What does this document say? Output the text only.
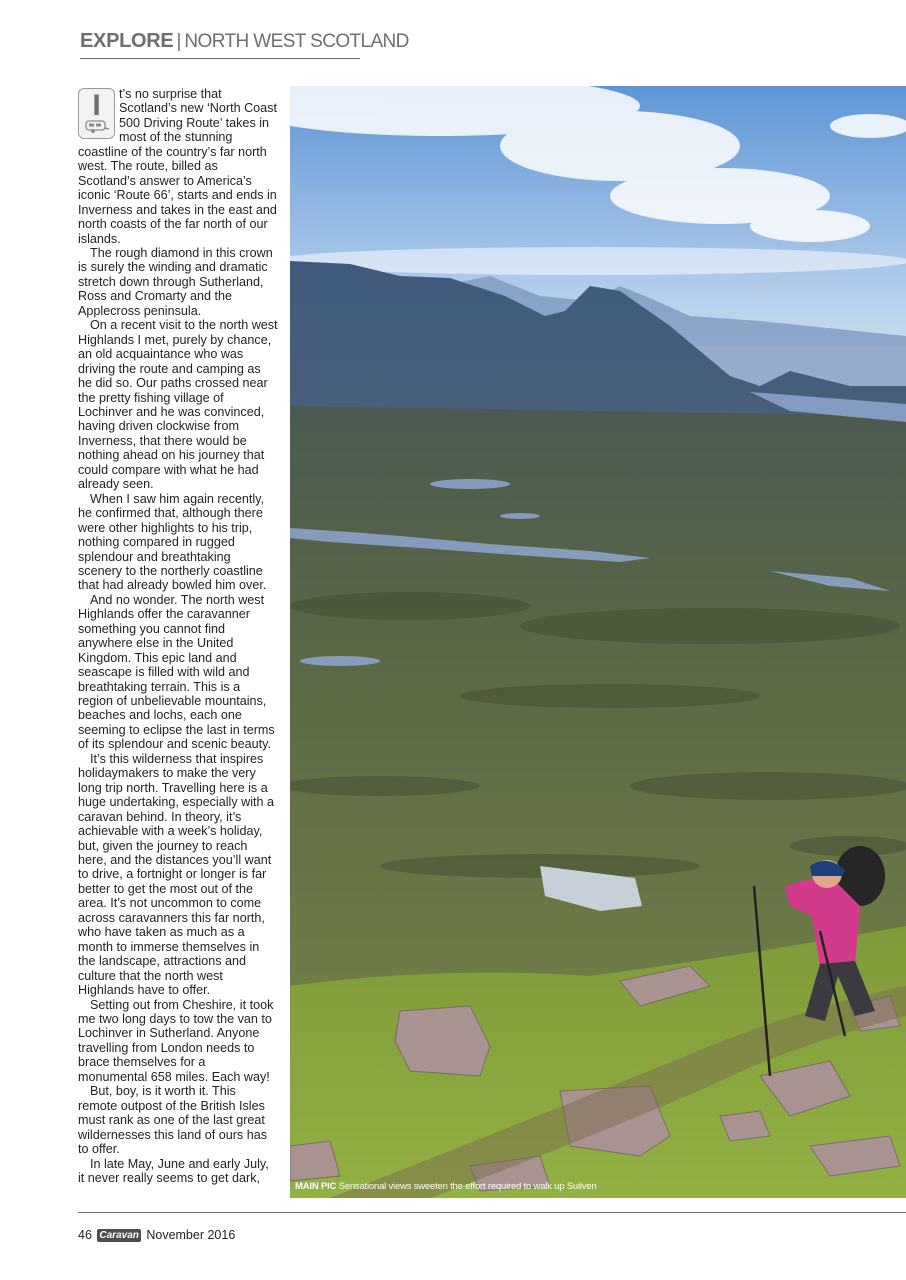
EXPLORE | NORTH WEST SCOTLAND

I	t’s no surprise that Scotland’s new ‘North Coast 500 Driving Route’ takes in most of the stunning coastline of the country’s far north west. The route, billed as Scotland’s answer to America’s iconic ‘Route 66’, starts and ends in Inverness and takes in the east and north coasts of the far north of our islands.

The rough diamond in this crown is surely the winding and dramatic stretch down through Sutherland, Ross and Cromarty and the Applecross peninsula.

On a recent visit to the north west Highlands I met, purely by chance, an old acquaintance who was driving the route and camping as he did so. Our paths crossed near the pretty fishing village of Lochinver and he was convinced, having driven clockwise from Inverness, that there would be nothing ahead on his journey that could compare with what he had already seen.

When I saw him again recently, he confirmed that, although there were other highlights to his trip, nothing compared in rugged splendour and breathtaking scenery to the northerly coastline that had already bowled him over.

And no wonder. The north west Highlands offer the caravanner something you cannot find anywhere else in the United Kingdom. This epic land and seascape is filled with wild and breathtaking terrain. This is a region of unbelievable mountains, beaches and lochs, each one seeming to eclipse the last in terms of its splendour and scenic beauty.

It’s this wilderness that inspires holidaymakers to make the very long trip north. Travelling here is a huge undertaking, especially with a caravan behind. In theory, it’s achievable with a week’s holiday, but, given the journey to reach here, and the distances you’ll want to drive, a fortnight or longer is far better to get the most out of the area. It’s not uncommon to come across caravanners this far north, who have taken as much as a month to immerse themselves in the landscape, attractions and culture that the north west Highlands have to offer.

Setting out from Cheshire, it took me two long days to tow the van to Lochinver in Sutherland. Anyone travelling from London needs to brace themselves for a monumental 658 miles. Each way!

But, boy, is it worth it. This remote outpost of the British Isles must rank as one of the last great wildernesses this land of ours has to offer.

In late May, June and early July, it never really seems to get dark,

MAIN PIC Sensational views sweeten the effort required to walk up Suilven
46 Caravan November 2016
